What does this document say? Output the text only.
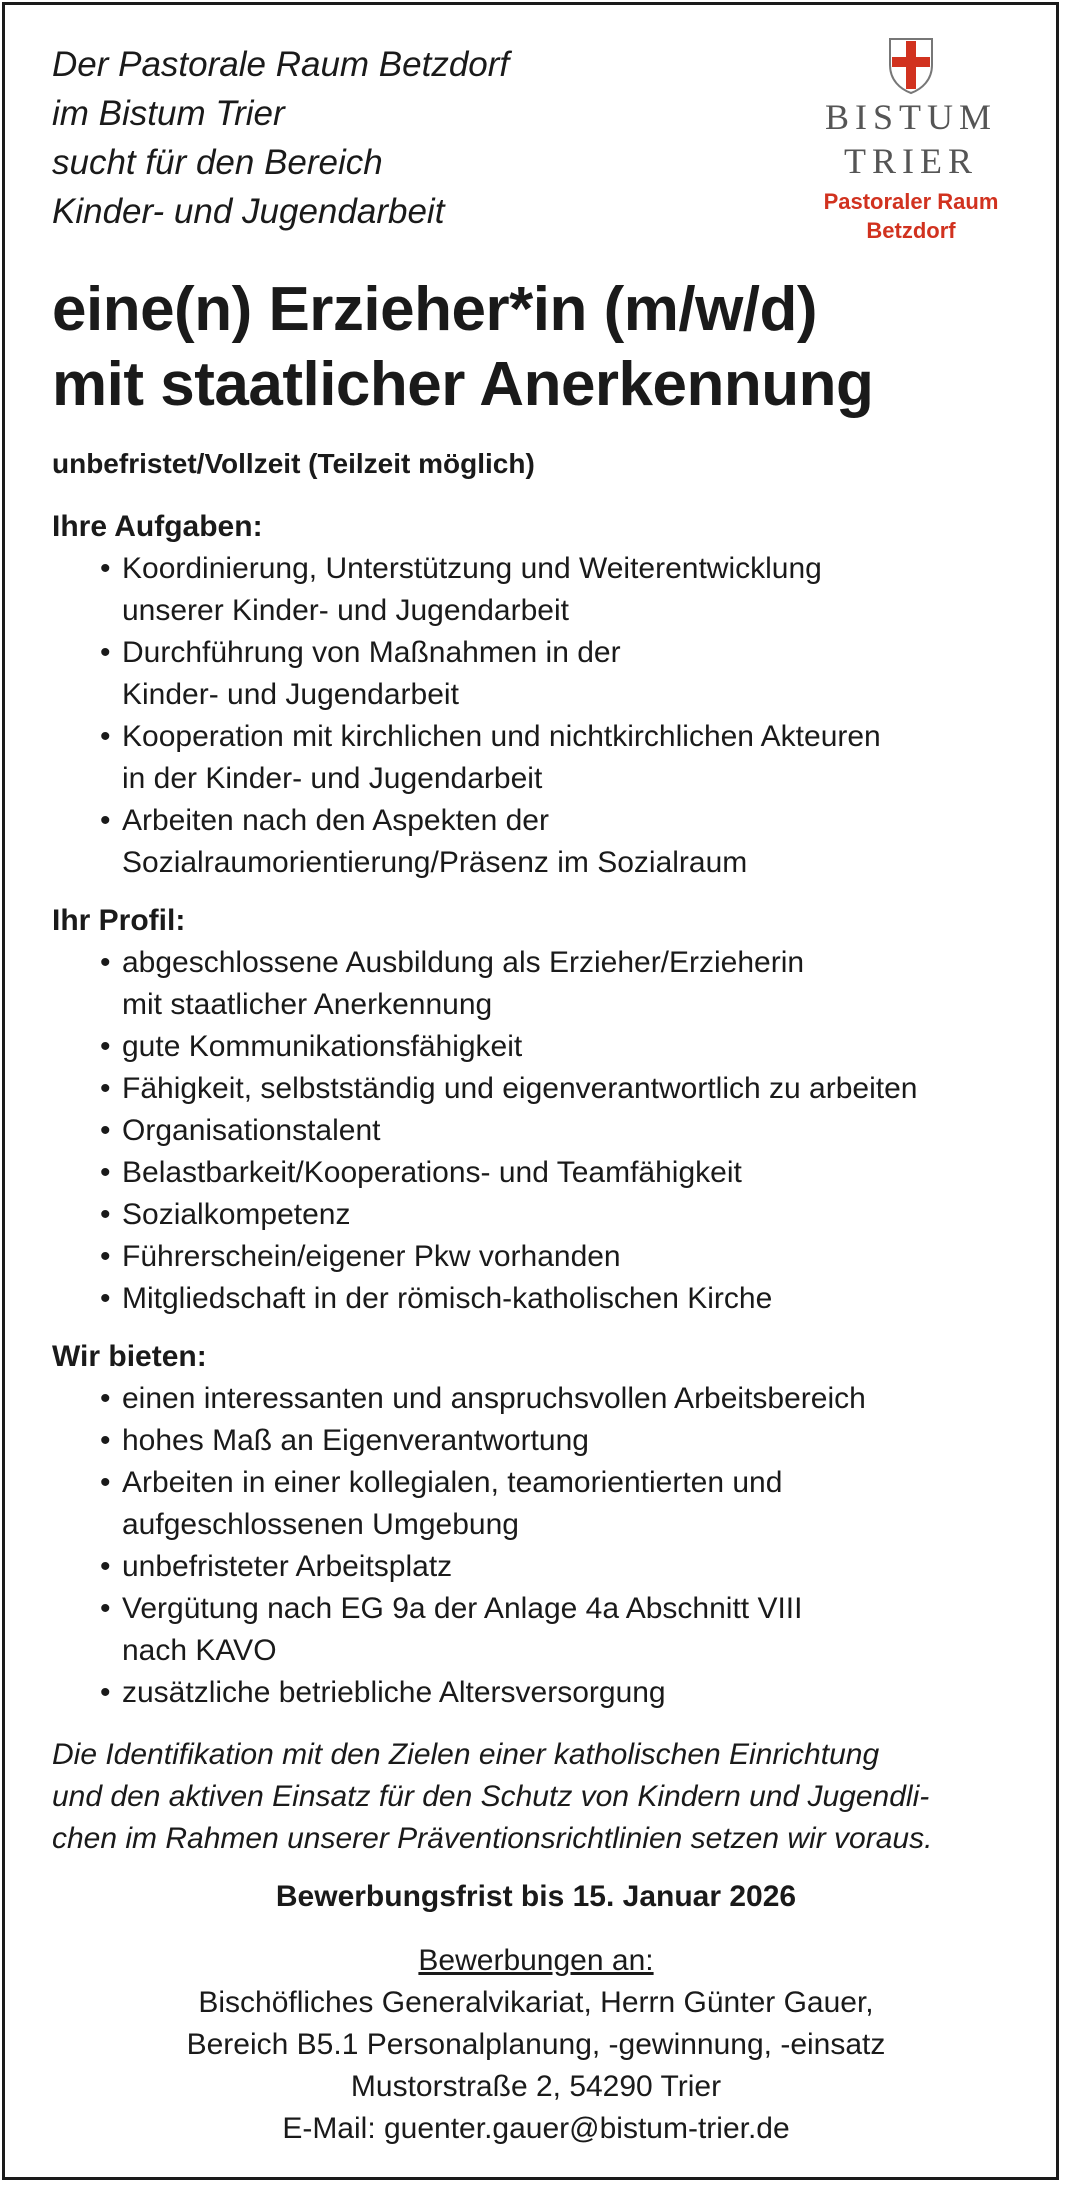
BISTUM
TRIER
Pastoraler Raum
Betzdorf
Der Pastorale Raum Betzdorf
im Bistum Trier
sucht für den Bereich
Kinder- und Jugendarbeit
eine(n) Erzieher*in (m/w/d)
mit staatlicher Anerkennung
unbefristet/Vollzeit (Teilzeit möglich)
Ihre Aufgaben:
• Koordinierung, Unterstützung und Weiterentwicklung
unserer Kinder- und Jugendarbeit
• Durchführung von Maßnahmen in der
Kinder- und Jugendarbeit
• Kooperation mit kirchlichen und nichtkirchlichen Akteuren
in der Kinder- und Jugendarbeit
• Arbeiten nach den Aspekten der
Sozialraumorientierung/Präsenz im Sozialraum
Ihr Profil:
• abgeschlossene Ausbildung als Erzieher/Erzieherin
mit staatlicher Anerkennung
• gute Kommunikationsfähigkeit
• Fähigkeit, selbstständig und eigenverantwortlich zu arbeiten
• Organisationstalent
• Belastbarkeit/Kooperations- und Teamfähigkeit
• Sozialkompetenz
• Führerschein/eigener Pkw vorhanden
• Mitgliedschaft in der römisch-katholischen Kirche
Wir bieten:
• einen interessanten und anspruchsvollen Arbeitsbereich
• hohes Maß an Eigenverantwortung
• Arbeiten in einer kollegialen, teamorientierten und
aufgeschlossenen Umgebung
• unbefristeter Arbeitsplatz
• Vergütung nach EG 9a der Anlage 4a Abschnitt VIII
nach KAVO
• zusätzliche betriebliche Altersversorgung
Die Identifikation mit den Zielen einer katholischen Einrichtung
und den aktiven Einsatz für den Schutz von Kindern und Jugendli-
chen im Rahmen unserer Präventionsrichtlinien setzen wir voraus.
Bewerbungsfrist bis 15. Januar 2026
Bewerbungen an:
Bischöfliches Generalvikariat, Herrn Günter Gauer,
Bereich B5.1 Personalplanung, -gewinnung, -einsatz
Mustorstraße 2, 54290 Trier
E-Mail: guenter.gauer@bistum-trier.de
